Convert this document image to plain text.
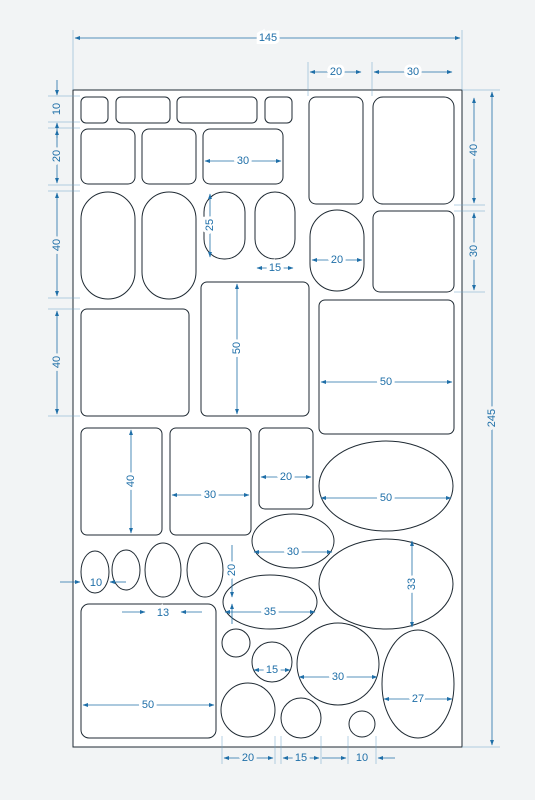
145
20	30
245
40
30
10
20
40
40
30
25
15
20
50
50
40
30
20
50
30
33
10
13
20
35
15
30
27
50
20	15	10
